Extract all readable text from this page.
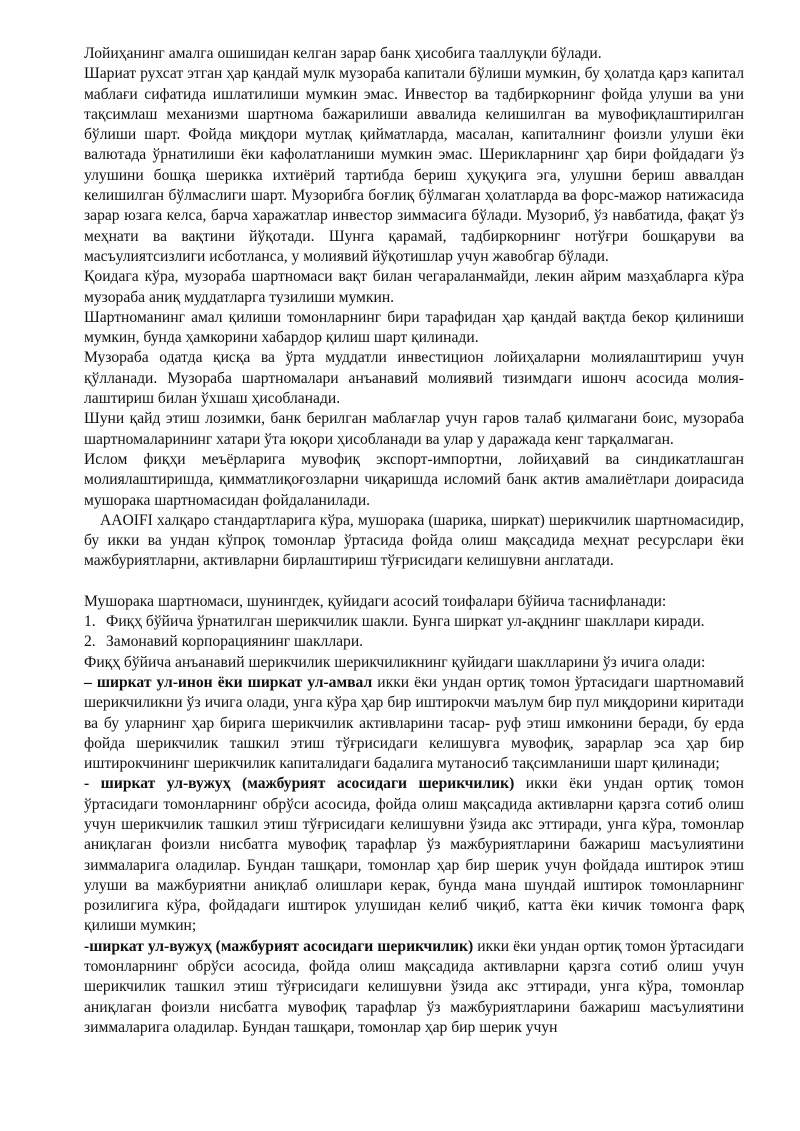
Лойиҳанинг амалга ошишидан келган зарар банк ҳисобига тааллуқли бўлади.

Шариат рухсат этган ҳар қандай мулк музораба капитали бўлиши мумкин, бу ҳолатда қарз капитал маблағи сифатида ишлатилиши мумкин эмас. Инвестор ва тадбиркорнинг фойда улуши ва уни тақсимлаш механизми шартнома бажарилиши аввалида келишилган ва мувофиқлаштирилган бўлиши шарт. Фойда миқдори мутлақ қийматларда, масалан, капиталнинг фоизли улуши ёки валютада ўрнатилиши ёки кафолатланиши мумкин эмас. Шерикларнинг ҳар бири фойдадаги ўз улушини бошқа шерикка ихтиёрий тартибда бериш ҳуқуқига эга, улушни бериш аввалдан келишилган бўлмаслиги шарт. Музорибга боғлиқ бўлмаган ҳолатларда ва форс-мажор натижасида зарар юзага келса, барча харажатлар инвестор зиммасига бўлади. Музориб, ўз навбатида, фақат ўз меҳнати ва вақтини йўқотади. Шунга қарамай, тадбиркорнинг нотўғри бошқаруви ва масъулиятсизлиги исботланса, у молиявий йўқотишлар учун жавобгар бўлади.

Қоидага кўра, музораба шартномаси вақт билан чегараланмайди, лекин айрим мазҳабларга кўра музораба аниқ муддатларга тузилиши мумкин.

Шартноманинг амал қилиши томонларнинг бири тарафидан ҳар қандай вақтда бекор қилиниши мумкин, бунда ҳамкорини хабардор қилиш шарт қилинади.

Музораба одатда қисқа ва ўрта муддатли инвестицион лойиҳаларни молиялаштириш учун қўлланади. Музораба шартномалари анъанавий молиявий тизимдаги ишонч асосида молия-лаштириш билан ўхшаш ҳисобланади.

Шуни қайд этиш лозимки, банк берилган маблағлар учун гаров талаб қилмагани боис, музораба шартномаларининг хатари ўта юқори ҳисобланади ва улар у даражада кенг тарқалмаган.

Ислом фиқҳи меъёрларига мувофиқ экспорт-импортни, лойиҳавий ва синдикатлашган молиялаштиришда, қимматлиқоғозларни чиқаришда исломий банк актив амалиётлари доирасида мушорака шартномасидан фойдаланилади.

AAOIFI халқаро стандартларига кўра, мушорака (шарика, ширкат) шерикчилик шартномасидир, бу икки ва ундан кўпроқ томонлар ўртасида фойда олиш мақсадида меҳнат ресурслари ёки мажбуриятларни, активларни бирлаштириш тўғрисидаги келишувни англатади.

Мушорака шартномаси, шунингдек, қуйидаги асосий тоифалари бўйича таснифланади:

1. Фиқҳ бўйича ўрнатилган шерикчилик шакли. Бунга ширкат ул-ақднинг шакллари киради.
2. Замонавий корпорациянинг шакллари.

Фиқҳ бўйича анъанавий шерикчилик шерикчиликнинг қуйидаги шаклларини ўз ичига олади:

– ширкат ул-инон ёки ширкат ул-амвал икки ёки ундан ортиқ томон ўртасидаги шартномавий шерикчиликни ўз ичига олади, унга кўра ҳар бир иштирокчи маълум бир пул миқдорини киритади ва бу уларнинг ҳар бирига шерикчилик активларини тасар- руф этиш имконини беради, бу ерда фойда шерикчилик ташкил этиш тўғрисидаги келишувга мувофиқ, зарарлар эса ҳар бир иштирокчининг шерикчилик капиталидаги бадалига мутаносиб тақсимланиши шарт қилинади;

- ширкат ул-вужуҳ (мажбурият асосидаги шерикчилик) икки ёки ундан ортиқ томон ўртасидаги томонларнинг обрўси асосида, фойда олиш мақсадида активларни қарзга сотиб олиш учун шерикчилик ташкил этиш тўғрисидаги келишувни ўзида акс эттиради, унга кўра, томонлар аниқлаган фоизли нисбатга мувофиқ тарафлар ўз мажбуриятларини бажариш масъулиятини зиммаларига оладилар. Бундан ташқари, томонлар ҳар бир шерик учун фойдада иштирок этиш улуши ва мажбуриятни аниқлаб олишлари керак, бунда мана шундай иштирок томонларнинг розилигига кўра, фойдадаги иштирок улушидан келиб чиқиб, катта ёки кичик томонга фарқ қилиши мумкин;

-ширкат ул-вужуҳ (мажбурият асосидаги шерикчилик) икки ёки ундан ортиқ томон ўртасидаги томонларнинг обрўси асосида, фойда олиш мақсадида активларни қарзга сотиб олиш учун шерикчилик ташкил этиш тўғрисидаги келишувни ўзида акс эттиради, унга кўра, томонлар аниқлаган фоизли нисбатга мувофиқ тарафлар ўз мажбуриятларини бажариш масъулиятини зиммаларига оладилар. Бундан ташқари, томонлар ҳар бир шерик учун
